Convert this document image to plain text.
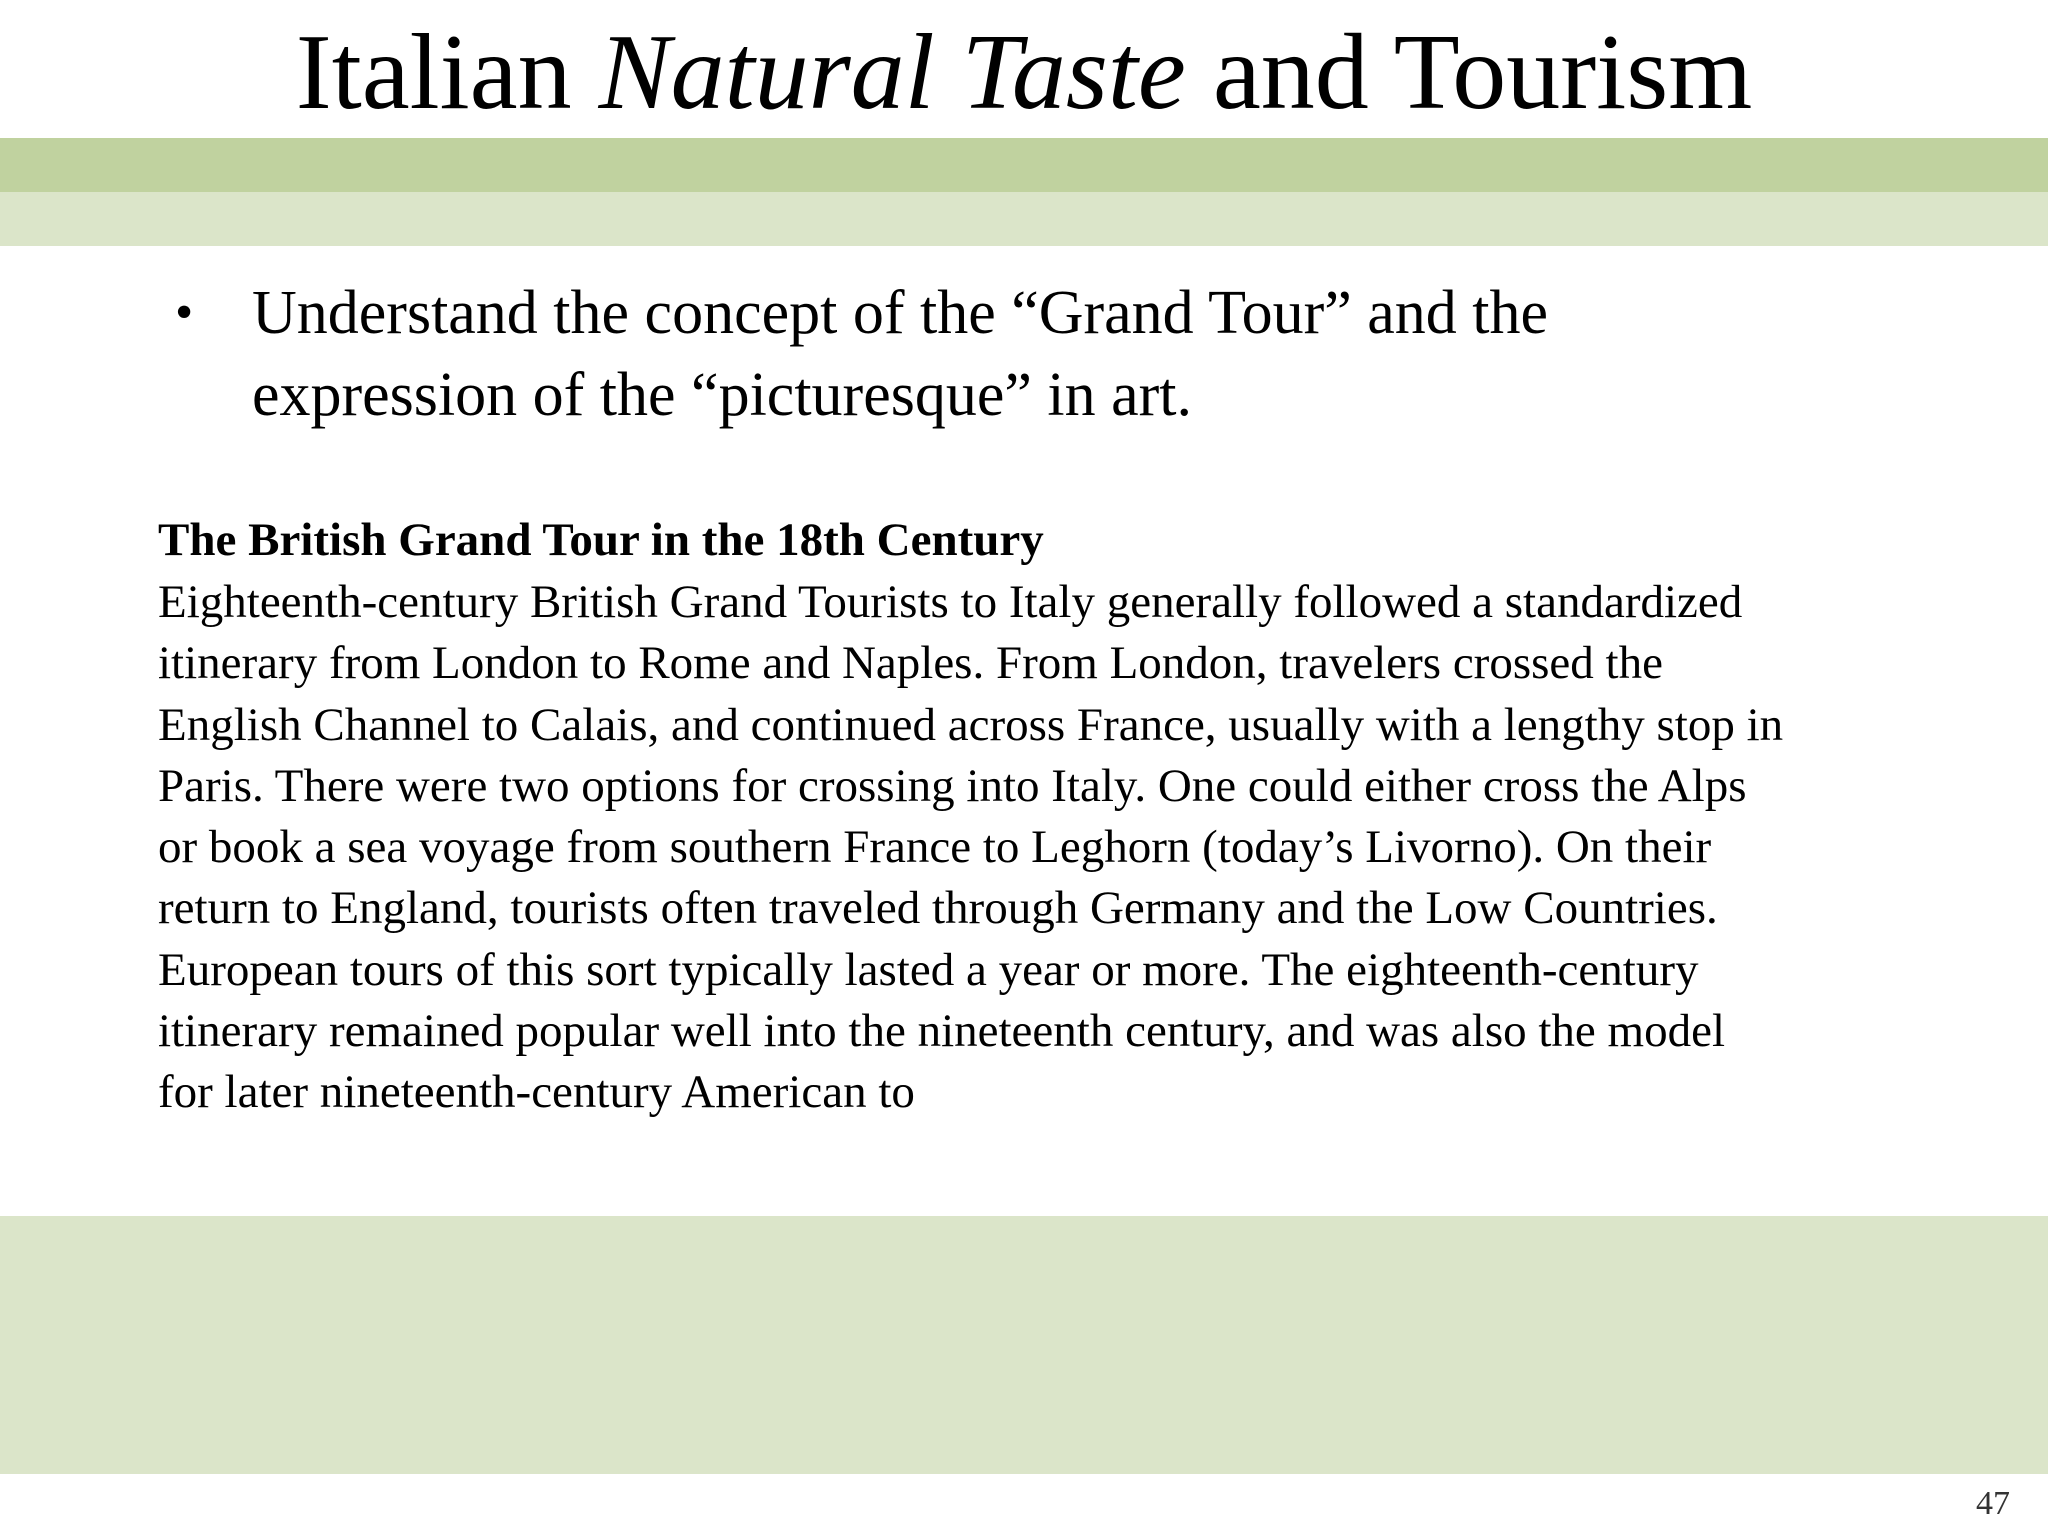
Italian Natural Taste and Tourism
• Understand the concept of the “Grand Tour” and the expression of the “picturesque” in art.

The British Grand Tour in the 18th Century

Eighteenth-century British Grand Tourists to Italy generally followed a standardized

itinerary from London to Rome and Naples. From London, travelers crossed the

English Channel to Calais, and continued across France, usually with a lengthy stop in

Paris. There were two options for crossing into Italy. One could either cross the Alps

or book a sea voyage from southern France to Leghorn (today’s Livorno). On their

return to England, tourists often traveled through Germany and the Low Countries.

European tours of this sort typically lasted a year or more. The eighteenth-century

itinerary remained popular well into the nineteenth century, and was also the model

for later nineteenth-century American to

47
